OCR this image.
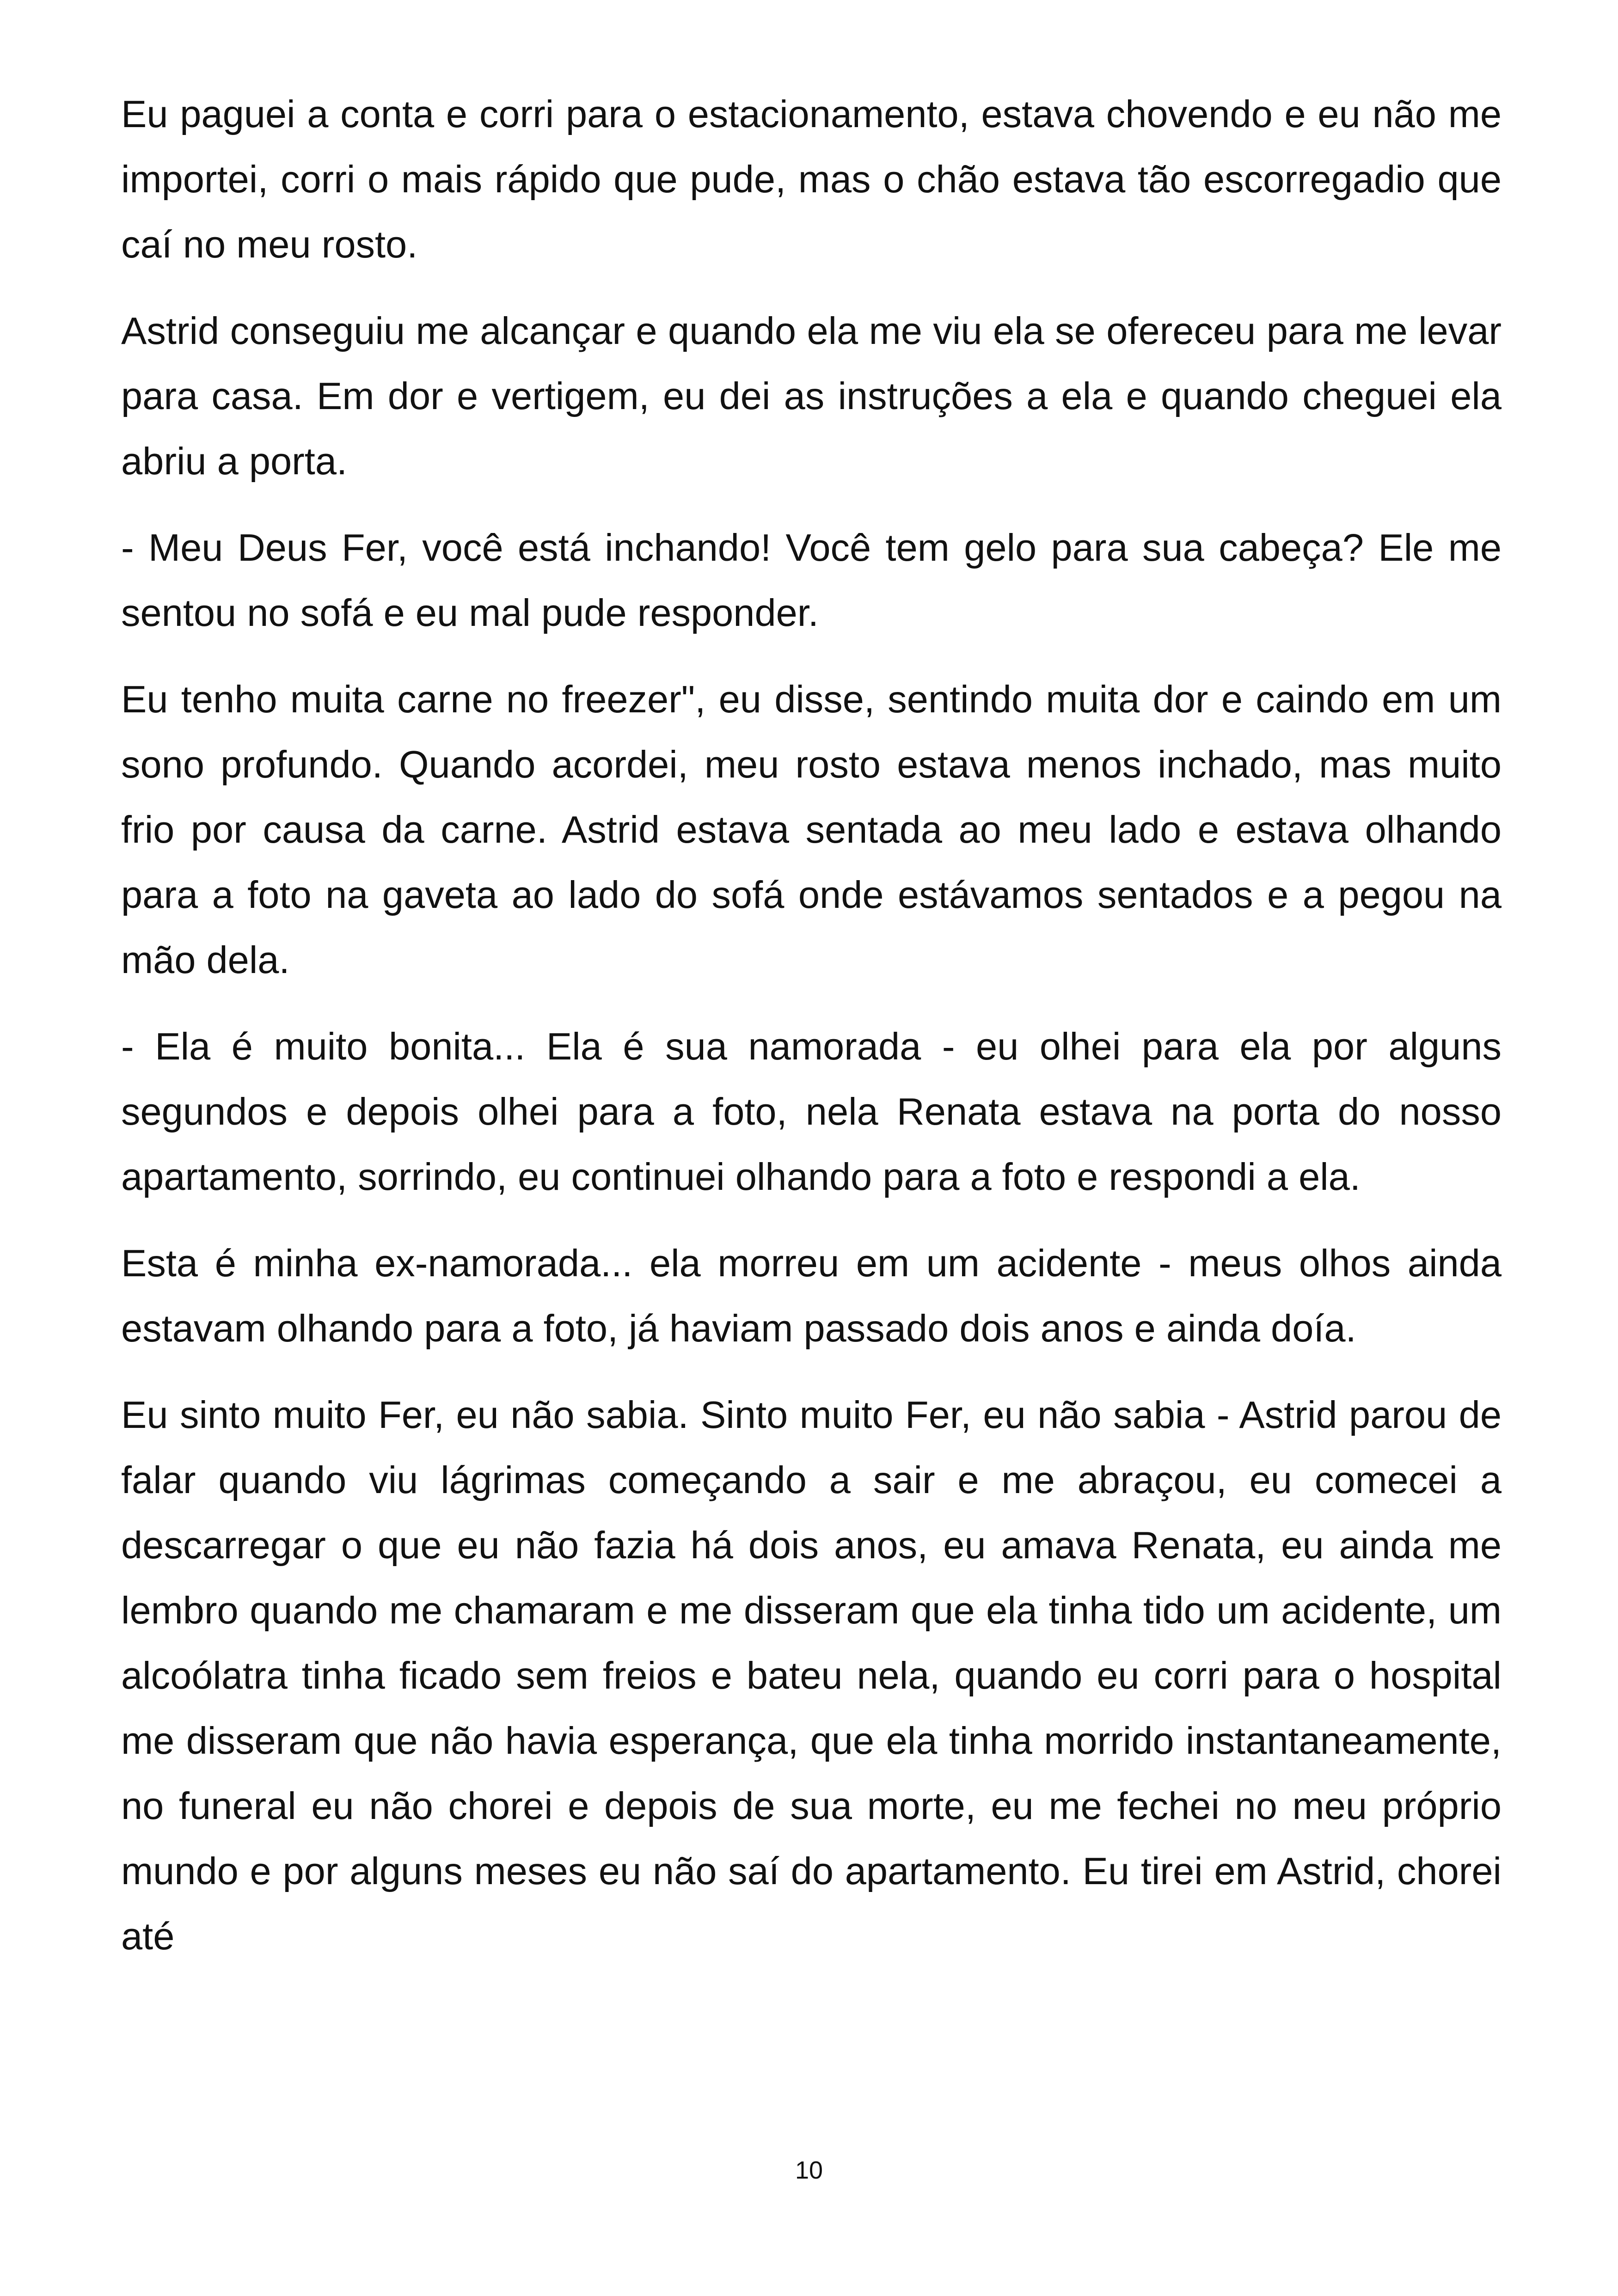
Eu paguei a conta e corri para o estacionamento, estava chovendo e eu não me importei, corri o mais rápido que pude, mas o chão estava tão escorregadio que caí no meu rosto.

Astrid conseguiu me alcançar e quando ela me viu ela se ofereceu para me levar para casa. Em dor e vertigem, eu dei as instruções a ela e quando cheguei ela abriu a porta.

- Meu Deus Fer, você está inchando! Você tem gelo para sua cabeça? Ele me sentou no sofá e eu mal pude responder.

Eu tenho muita carne no freezer", eu disse, sentindo muita dor e caindo em um sono profundo. Quando acordei, meu rosto estava menos inchado, mas muito frio por causa da carne. Astrid estava sentada ao meu lado e estava olhando para a foto na gaveta ao lado do sofá onde estávamos sentados e a pegou na mão dela.

- Ela é muito bonita... Ela é sua namorada - eu olhei para ela por alguns segundos e depois olhei para a foto, nela Renata estava na porta do nosso apartamento, sorrindo, eu continuei olhando para a foto e respondi a ela.

Esta é minha ex-namorada... ela morreu em um acidente - meus olhos ainda estavam olhando para a foto, já haviam passado dois anos e ainda doía.

Eu sinto muito Fer, eu não sabia. Sinto muito Fer, eu não sabia - Astrid parou de falar quando viu lágrimas começando a sair e me abraçou, eu comecei a descarregar o que eu não fazia há dois anos, eu amava Renata, eu ainda me lembro quando me chamaram e me disseram que ela tinha tido um acidente, um alcoólatra tinha ficado sem freios e bateu nela, quando eu corri para o hospital me disseram que não havia esperança, que ela tinha morrido instantaneamente, no funeral eu não chorei e depois de sua morte, eu me fechei no meu próprio mundo e por alguns meses eu não saí do apartamento. Eu tirei em Astrid, chorei até

10
